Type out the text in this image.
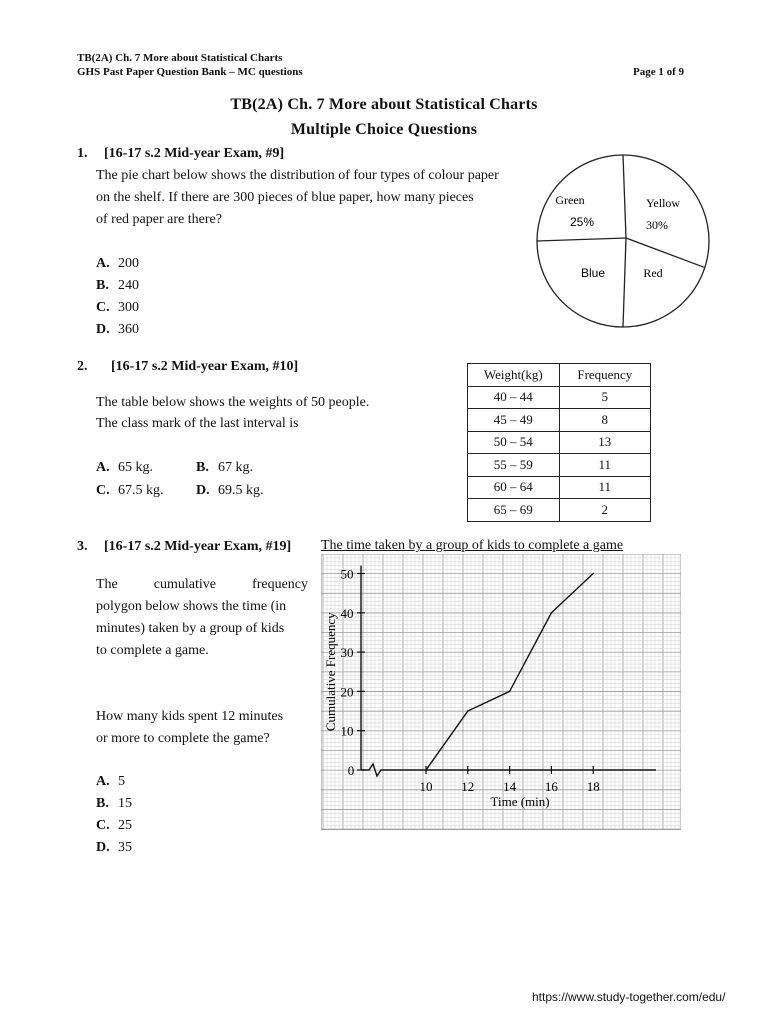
TB(2A) Ch. 7 More about Statistical Charts
GHS Past Paper Question Bank – MC questions	Page 1 of 9
TB(2A) Ch. 7 More about Statistical Charts
Multiple Choice Questions
1. [16-17 s.2 Mid-year Exam, #9]
The pie chart below shows the distribution of four types of colour paper
on the shelf. If there are 300 pieces of blue paper, how many pieces
of red paper are there?
A. 200
B. 240
C. 300
D. 360
Green
25%
Yellow
30%
Blue	Red
2. [16-17 s.2 Mid-year Exam, #10]
The table below shows the weights of 50 people.
The class mark of the last interval is
A. 65 kg.	B. 67 kg.
C. 67.5 kg. D. 69.5 kg.
Weight(kg)	Frequency
40 – 44	5
45 – 49	8
50 – 54	13
55 – 59	11
60 – 64	11
65 – 69	2
3. [16-17 s.2 Mid-year Exam, #19] The time taken by a group of kids to complete a game
The cumulative frequency
polygon below shows the time (in
minutes) taken by a group of kids
to complete a game.
How many kids spent 12 minutes
or more to complete the game?
A. 5
B. 15
C. 25
D. 35
0
10
20
30
40
50
10 12 14 16 18
Time (min)
Cumulative Frequency
https://www.study-together.com/edu/
